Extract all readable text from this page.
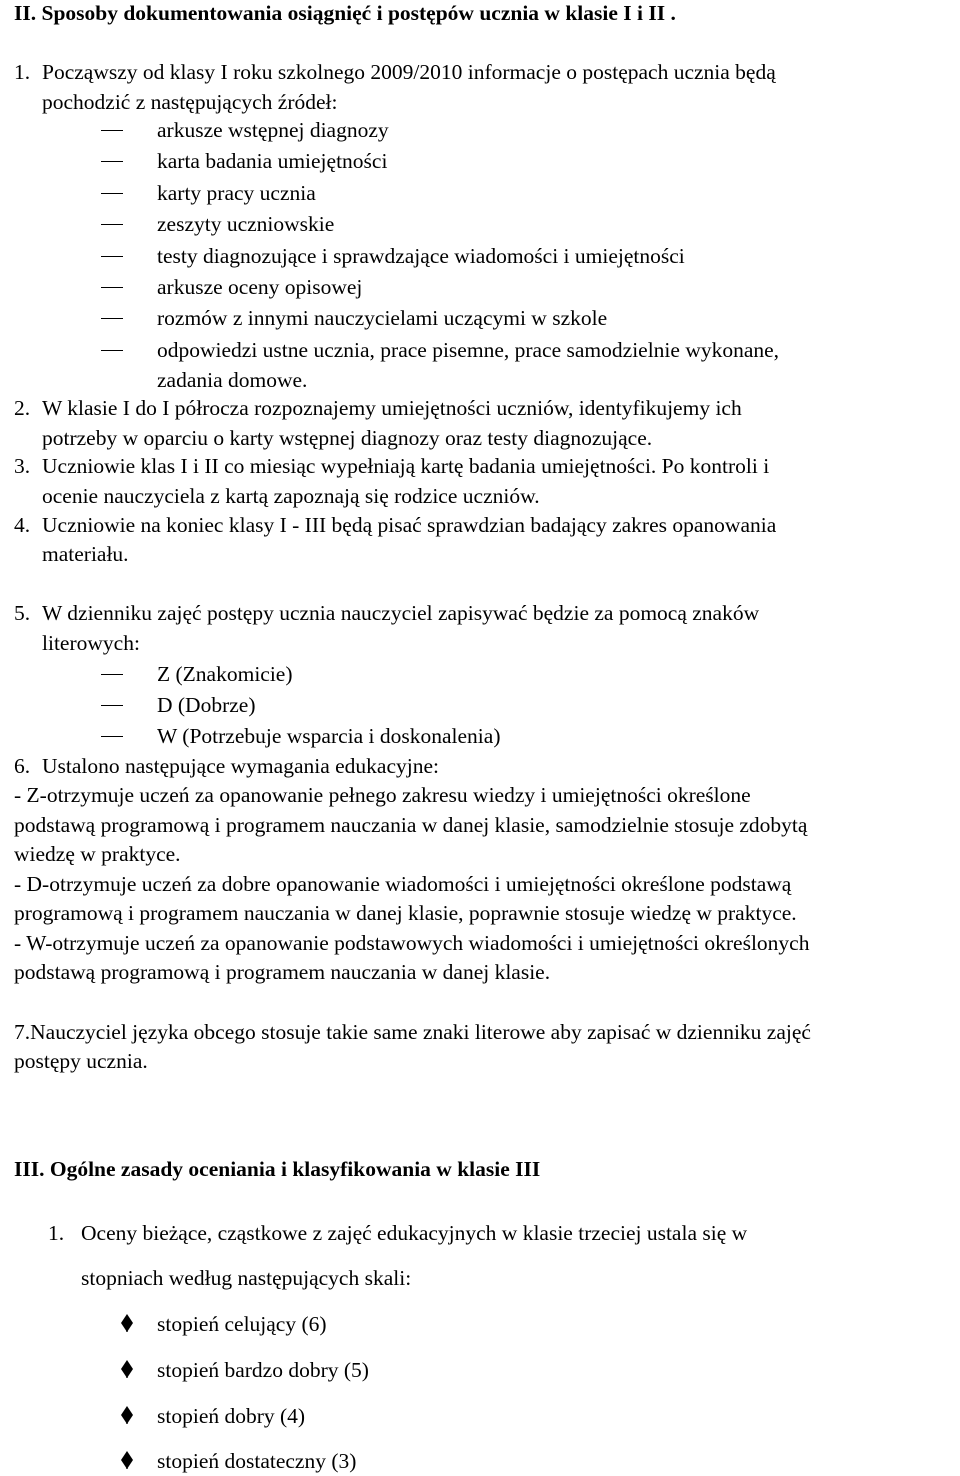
II. Sposoby dokumentowania osiągnięć i postępów ucznia w klasie I i II .
1. Począwszy od klasy I roku szkolnego 2009/2010 informacje o postępach ucznia będą
pochodzić z następujących źródeł:
arkusze wstępnej diagnozy
karta badania umiejętności
karty pracy ucznia
zeszyty uczniowskie
testy diagnozujące i sprawdzające wiadomości i umiejętności
arkusze oceny opisowej
rozmów z innymi nauczycielami uczącymi w szkole
odpowiedzi ustne ucznia, prace pisemne, prace samodzielnie wykonane,
zadania domowe.
2. W klasie I do I półrocza rozpoznajemy umiejętności uczniów, identyfikujemy ich
potrzeby w oparciu o karty wstępnej diagnozy oraz testy diagnozujące.
3. Uczniowie klas I i II co miesiąc wypełniają kartę badania umiejętności. Po kontroli i
ocenie nauczyciela z kartą zapoznają się rodzice uczniów.
4. Uczniowie na koniec klasy I - III będą pisać sprawdzian badający zakres opanowania
materiału.
5. W dzienniku zajęć postępy ucznia nauczyciel zapisywać będzie za pomocą znaków
literowych:
Z (Znakomicie)
D (Dobrze)
W (Potrzebuje wsparcia i doskonalenia)
6. Ustalono następujące wymagania edukacyjne:
- Z-otrzymuje uczeń za opanowanie pełnego zakresu wiedzy i umiejętności określone
podstawą programową i programem nauczania w danej klasie, samodzielnie stosuje zdobytą
wiedzę w praktyce.
- D-otrzymuje uczeń za dobre opanowanie wiadomości i umiejętności określone podstawą
programową i programem nauczania w danej klasie, poprawnie stosuje wiedzę w praktyce.
- W-otrzymuje uczeń za opanowanie podstawowych wiadomości i umiejętności określonych
podstawą programową i programem nauczania w danej klasie.
7.Nauczyciel języka obcego stosuje takie same znaki literowe aby zapisać w dzienniku zajęć
postępy ucznia.
III. Ogólne zasady oceniania i klasyfikowania w klasie III
1. Oceny bieżące, cząstkowe z zajęć edukacyjnych w klasie trzeciej ustala się w
stopniach według następujących skali:
stopień celujący (6)
stopień bardzo dobry (5)
stopień dobry (4)
stopień dostateczny (3)
